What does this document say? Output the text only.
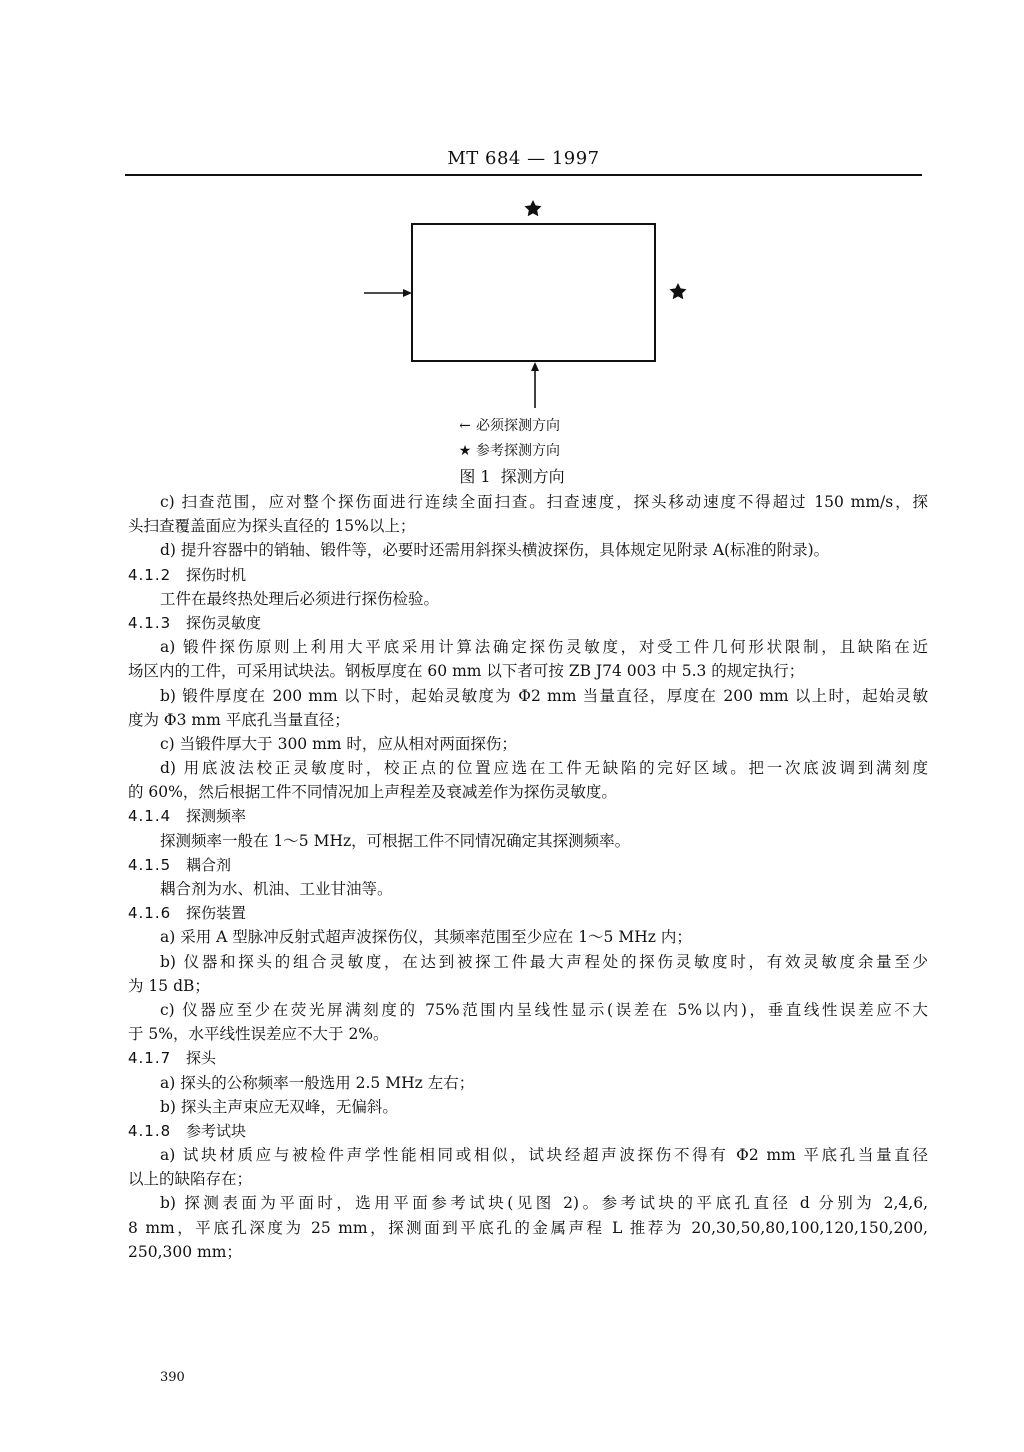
MT 684 — 1997
← 必须探测方向
★ 参考探测方向
图 1 探测方向
c) 扫查范围，应对整个探伤面进行连续全面扫查。扫查速度，探头移动速度不得超过 150 mm/s，探
头扫查覆盖面应为探头直径的 15%以上；
d) 提升容器中的销轴、锻件等，必要时还需用斜探头横波探伤，具体规定见附录 A(标准的附录)。
4.1.2 探伤时机
工件在最终热处理后必须进行探伤检验。
4.1.3 探伤灵敏度
a) 锻件探伤原则上利用大平底采用计算法确定探伤灵敏度，对受工件几何形状限制，且缺陷在近
场区内的工件，可采用试块法。钢板厚度在 60 mm 以下者可按 ZB J74 003 中 5.3 的规定执行；
b) 锻件厚度在 200 mm 以下时，起始灵敏度为 Φ2 mm 当量直径，厚度在 200 mm 以上时，起始灵敏
度为 Φ3 mm 平底孔当量直径；
c) 当锻件厚大于 300 mm 时，应从相对两面探伤；
d) 用底波法校正灵敏度时，校正点的位置应选在工件无缺陷的完好区域。把一次底波调到满刻度
的 60%，然后根据工件不同情况加上声程差及衰减差作为探伤灵敏度。
4.1.4 探测频率
探测频率一般在 1～5 MHz，可根据工件不同情况确定其探测频率。
4.1.5 耦合剂
耦合剂为水、机油、工业甘油等。
4.1.6 探伤装置
a) 采用 A 型脉冲反射式超声波探伤仪，其频率范围至少应在 1～5 MHz 内；
b) 仪器和探头的组合灵敏度，在达到被探工件最大声程处的探伤灵敏度时，有效灵敏度余量至少
为 15 dB；
c) 仪器应至少在荧光屏满刻度的 75%范围内呈线性显示(误差在 5%以内)，垂直线性误差应不大
于 5%，水平线性误差应不大于 2%。
4.1.7 探头
a) 探头的公称频率一般选用 2.5 MHz 左右；
b) 探头主声束应无双峰，无偏斜。
4.1.8 参考试块
a) 试块材质应与被检件声学性能相同或相似，试块经超声波探伤不得有 Φ2 mm 平底孔当量直径
以上的缺陷存在；
b) 探测表面为平面时，选用平面参考试块(见图 2)。参考试块的平底孔直径 d 分别为 2,4,6,
8 mm，平底孔深度为 25 mm，探测面到平底孔的金属声程 L 推荐为 20,30,50,80,100,120,150,200,
250,300 mm；
390
